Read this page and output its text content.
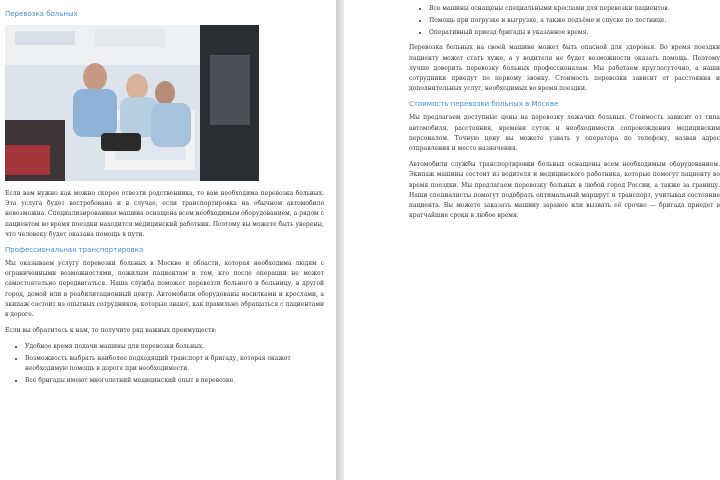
Перевозка больных
Если вам нужно как можно скорее отвезти родственника, то вам необходима перевозка больных. Эта услуга будет востребована и в случае, если транспортировка на обычном автомобиле невозможна. Специализированная машина оснащена всем необходимым оборудованием, а рядом с пациентом во время поездки находится медицинский работник. Поэтому вы можете быть уверены, что человеку будет оказана помощь в пути.
Профессиональная транспортировка
Мы оказываем услугу перевозки больных в Москве и области, которая необходима людям с ограниченными возможностями, пожилым пациентам и тем, кто после операции не может самостоятельно передвигаться. Наша служба поможет перевезти больного в больницу, в другой город, домой или в реабилитационный центр. Автомобили оборудованы носилками и креслами, а экипаж состоит из опытных сотрудников, которые знают, как правильно обращаться с пациентами в дороге.
Если вы обратитесь к нам, то получите ряд важных преимуществ:
• Удобное время подачи машины для перевозки больных.
• Возможность выбрать наиболее подходящий транспорт и бригаду, которая окажет необходимую помощь в дороге при необходимости.
• Все бригады имеют многолетний медицинский опыт в перевозке.
• Все машины оснащены специальными креслами для перевозки пациентов.
• Помощь при погрузке и выгрузке, а также подъёме и спуске по лестнице.
• Оперативный приезд бригады в указанное время.
Перевозка больных на своей машине может быть опасной для здоровья. Во время поездки пациенту может стать хуже, а у водителя не будет возможности оказать помощь. Поэтому лучше доверить перевозку больных профессионалам. Мы работаем круглосуточно, а наши сотрудники приедут по первому звонку. Стоимость перевозки зависит от расстояния и дополнительных услуг, необходимых во время поездки.
Стоимость перевозки больных в Москве
Мы предлагаем доступные цены на перевозку лежачих больных. Стоимость зависит от типа автомобиля, расстояния, времени суток и необходимости сопровождения медицинским персоналом. Точную цену вы можете узнать у оператора по телефону, назвав адрес отправления и место назначения.
Автомобили службы транспортировки больных оснащены всем необходимым оборудованием. Экипаж машины состоит из водителя и медицинского работника, которые помогут пациенту во время поездки. Мы предлагаем перевозку больных в любой город России, а также за границу. Наши специалисты помогут подобрать оптимальный маршрут и транспорт, учитывая состояние пациента. Вы можете заказать машину заранее или вызвать её срочно — бригада приедет в кратчайшие сроки в любое время.
